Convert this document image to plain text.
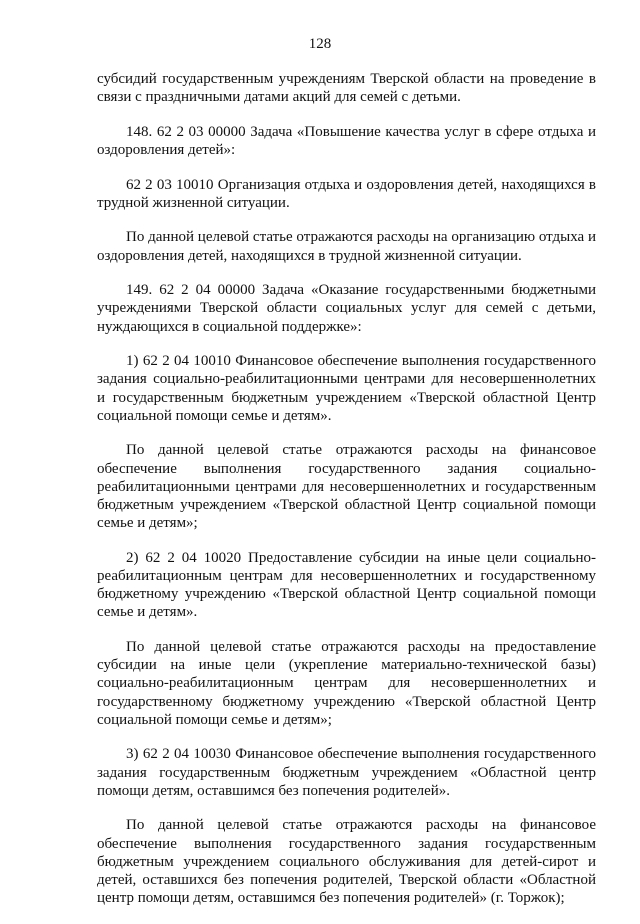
128

субсидий государственным учреждениям Тверской области на проведение в связи с праздничными датами акций для семей с детьми.

148. 62 2 03 00000 Задача «Повышение качества услуг в сфере отдыха и оздоровления детей»:

62 2 03 10010 Организация отдыха и оздоровления детей, находящихся в трудной жизненной ситуации.

По данной целевой статье отражаются расходы на организацию отдыха и оздоровления детей, находящихся в трудной жизненной ситуации.

149. 62 2 04 00000 Задача «Оказание государственными бюджетными учреждениями Тверской области социальных услуг для семей с детьми, нуждающихся в социальной поддержке»:

1) 62 2 04 10010 Финансовое обеспечение выполнения государственного задания социально-реабилитационными центрами для несовершеннолетних и государственным бюджетным учреждением «Тверской областной Центр социальной помощи семье и детям».

По данной целевой статье отражаются расходы на финансовое обеспечение выполнения государственного задания социально-реабилитационными центрами для несовершеннолетних и государственным бюджетным учреждением «Тверской областной Центр социальной помощи семье и детям»;

2) 62 2 04 10020 Предоставление субсидии на иные цели социально-реабилитационным центрам для несовершеннолетних и государственному бюджетному учреждению «Тверской областной Центр социальной помощи семье и детям».

По данной целевой статье отражаются расходы на предоставление субсидии на иные цели (укрепление материально-технической базы) социально-реабилитационным центрам для несовершеннолетних и государственному бюджетному учреждению «Тверской областной Центр социальной помощи семье и детям»;

3) 62 2 04 10030 Финансовое обеспечение выполнения государственного задания государственным бюджетным учреждением «Областной центр помощи детям, оставшимся без попечения родителей».

По данной целевой статье отражаются расходы на финансовое обеспечение выполнения государственного задания государственным бюджетным учреждением социального обслуживания для детей-сирот и детей, оставшихся без попечения родителей, Тверской области «Областной центр помощи детям, оставшимся без попечения родителей» (г. Торжок);
